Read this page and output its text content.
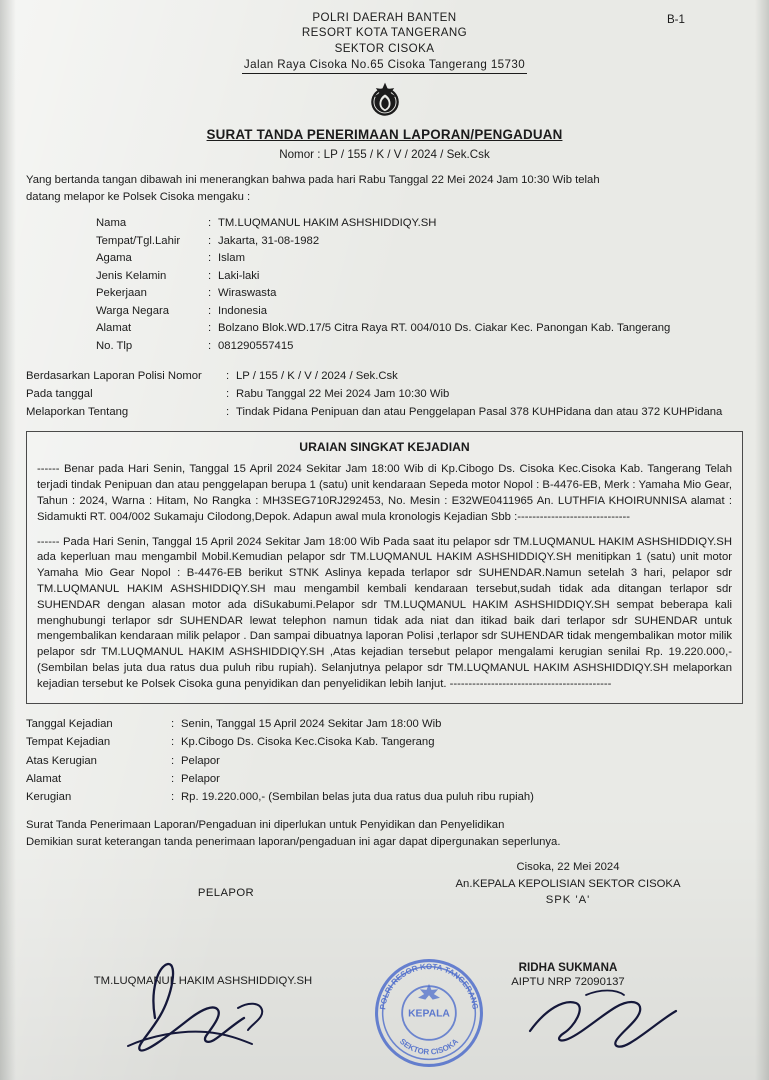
B-1
POLRI DAERAH BANTEN
RESORT KOTA TANGERANG
SEKTOR CISOKA
Jalan Raya Cisoka No.65 Cisoka Tangerang 15730
SURAT TANDA PENERIMAAN LAPORAN/PENGADUAN
Nomor : LP / 155 / K / V / 2024 / Sek.Csk
Yang bertanda tangan dibawah ini menerangkan bahwa pada hari Rabu Tanggal 22 Mei 2024 Jam 10:30 Wib telah
datang melapor ke Polsek Cisoka mengaku :
Nama	:	TM.LUQMANUL HAKIM ASHSHIDDIQY.SH
Tempat/Tgl.Lahir	:	Jakarta, 31-08-1982
Agama	:	Islam
Jenis Kelamin	:	Laki-laki
Pekerjaan	:	Wiraswasta
Warga Negara	:	Indonesia
Alamat	:	Bolzano Blok.WD.17/5 Citra Raya RT. 004/010 Ds. Ciakar Kec. Panongan Kab. Tangerang
No. Tlp	:	081290557415
Berdasarkan Laporan Polisi Nomor	:	LP / 155 / K / V / 2024 / Sek.Csk
Pada tanggal	:	Rabu Tanggal 22 Mei 2024 Jam 10:30 Wib
Melaporkan Tentang	:	Tindak Pidana Penipuan dan atau Penggelapan Pasal 378 KUHPidana dan atau 372 KUHPidana
URAIAN SINGKAT KEJADIAN

------ Benar pada Hari Senin, Tanggal 15 April 2024 Sekitar Jam 18:00 Wib di Kp.Cibogo Ds. Cisoka Kec.Cisoka Kab. Tangerang Telah terjadi tindak Penipuan dan atau penggelapan berupa 1 (satu) unit kendaraan Sepeda motor Nopol : B-4476-EB, Merk : Yamaha Mio Gear, Tahun : 2024, Warna : Hitam, No Rangka : MH3SEG710RJ292453, No. Mesin : E32WE0411965 An. LUTHFIA KHOIRUNNISA alamat : Sidamukti RT. 004/002 Sukamaju Cilodong,Depok. Adapun awal mula kronologis Kejadian Sbb :------------------------------

------ Pada Hari Senin, Tanggal 15 April 2024 Sekitar Jam 18:00 Wib Pada saat itu pelapor sdr TM.LUQMANUL HAKIM ASHSHIDDIQY.SH ada keperluan mau mengambil Mobil.Kemudian pelapor sdr TM.LUQMANUL HAKIM ASHSHIDDIQY.SH menitipkan 1 (satu) unit motor Yamaha Mio Gear Nopol : B-4476-EB berikut STNK Aslinya kepada terlapor sdr SUHENDAR.Namun setelah 3 hari, pelapor sdr TM.LUQMANUL HAKIM ASHSHIDDIQY.SH mau mengambil kembali kendaraan tersebut,sudah tidak ada ditangan terlapor sdr SUHENDAR dengan alasan motor ada diSukabumi.Pelapor sdr TM.LUQMANUL HAKIM ASHSHIDDIQY.SH sempat beberapa kali menghubungi terlapor sdr SUHENDAR lewat telephon namun tidak ada niat dan itikad baik dari terlapor sdr SUHENDAR untuk mengembalikan kendaraan milik pelapor . Dan sampai dibuatnya laporan Polisi ,terlapor sdr SUHENDAR tidak mengembalikan motor milik pelapor sdr TM.LUQMANUL HAKIM ASHSHIDDIQY.SH ,Atas kejadian tersebut pelapor mengalami kerugian senilai Rp. 19.220.000,- (Sembilan belas juta dua ratus dua puluh ribu rupiah). Selanjutnya pelapor sdr TM.LUQMANUL HAKIM ASHSHIDDIQY.SH melaporkan kejadian tersebut ke Polsek Cisoka guna penyidikan dan penyelidikan lebih lanjut. -------------------------------------------

Tanggal Kejadian	:	Senin, Tanggal 15 April 2024 Sekitar Jam 18:00 Wib
Tempat Kejadian	:	Kp.Cibogo Ds. Cisoka Kec.Cisoka Kab. Tangerang
Atas Kerugian	:	Pelapor
Alamat	:	Pelapor
Kerugian	:	Rp. 19.220.000,- (Sembilan belas juta dua ratus dua puluh ribu rupiah)
Surat Tanda Penerimaan Laporan/Pengaduan ini diperlukan untuk Penyidikan dan Penyelidikan
Demikian surat keterangan tanda penerimaan laporan/pengaduan ini agar dapat dipergunakan seperlunya.
PELAPOR
TM.LUQMANUL HAKIM ASHSHIDDIQY.SH
Cisoka, 22 Mei 2024
An.KEPALA KEPOLISIAN SEKTOR CISOKA
SPK 'A'
RIDHA SUKMANA
AIPTU NRP 72090137
POLRI RESOR KOTA TANGERANG
SEKTOR CISOKA
KEPALA
